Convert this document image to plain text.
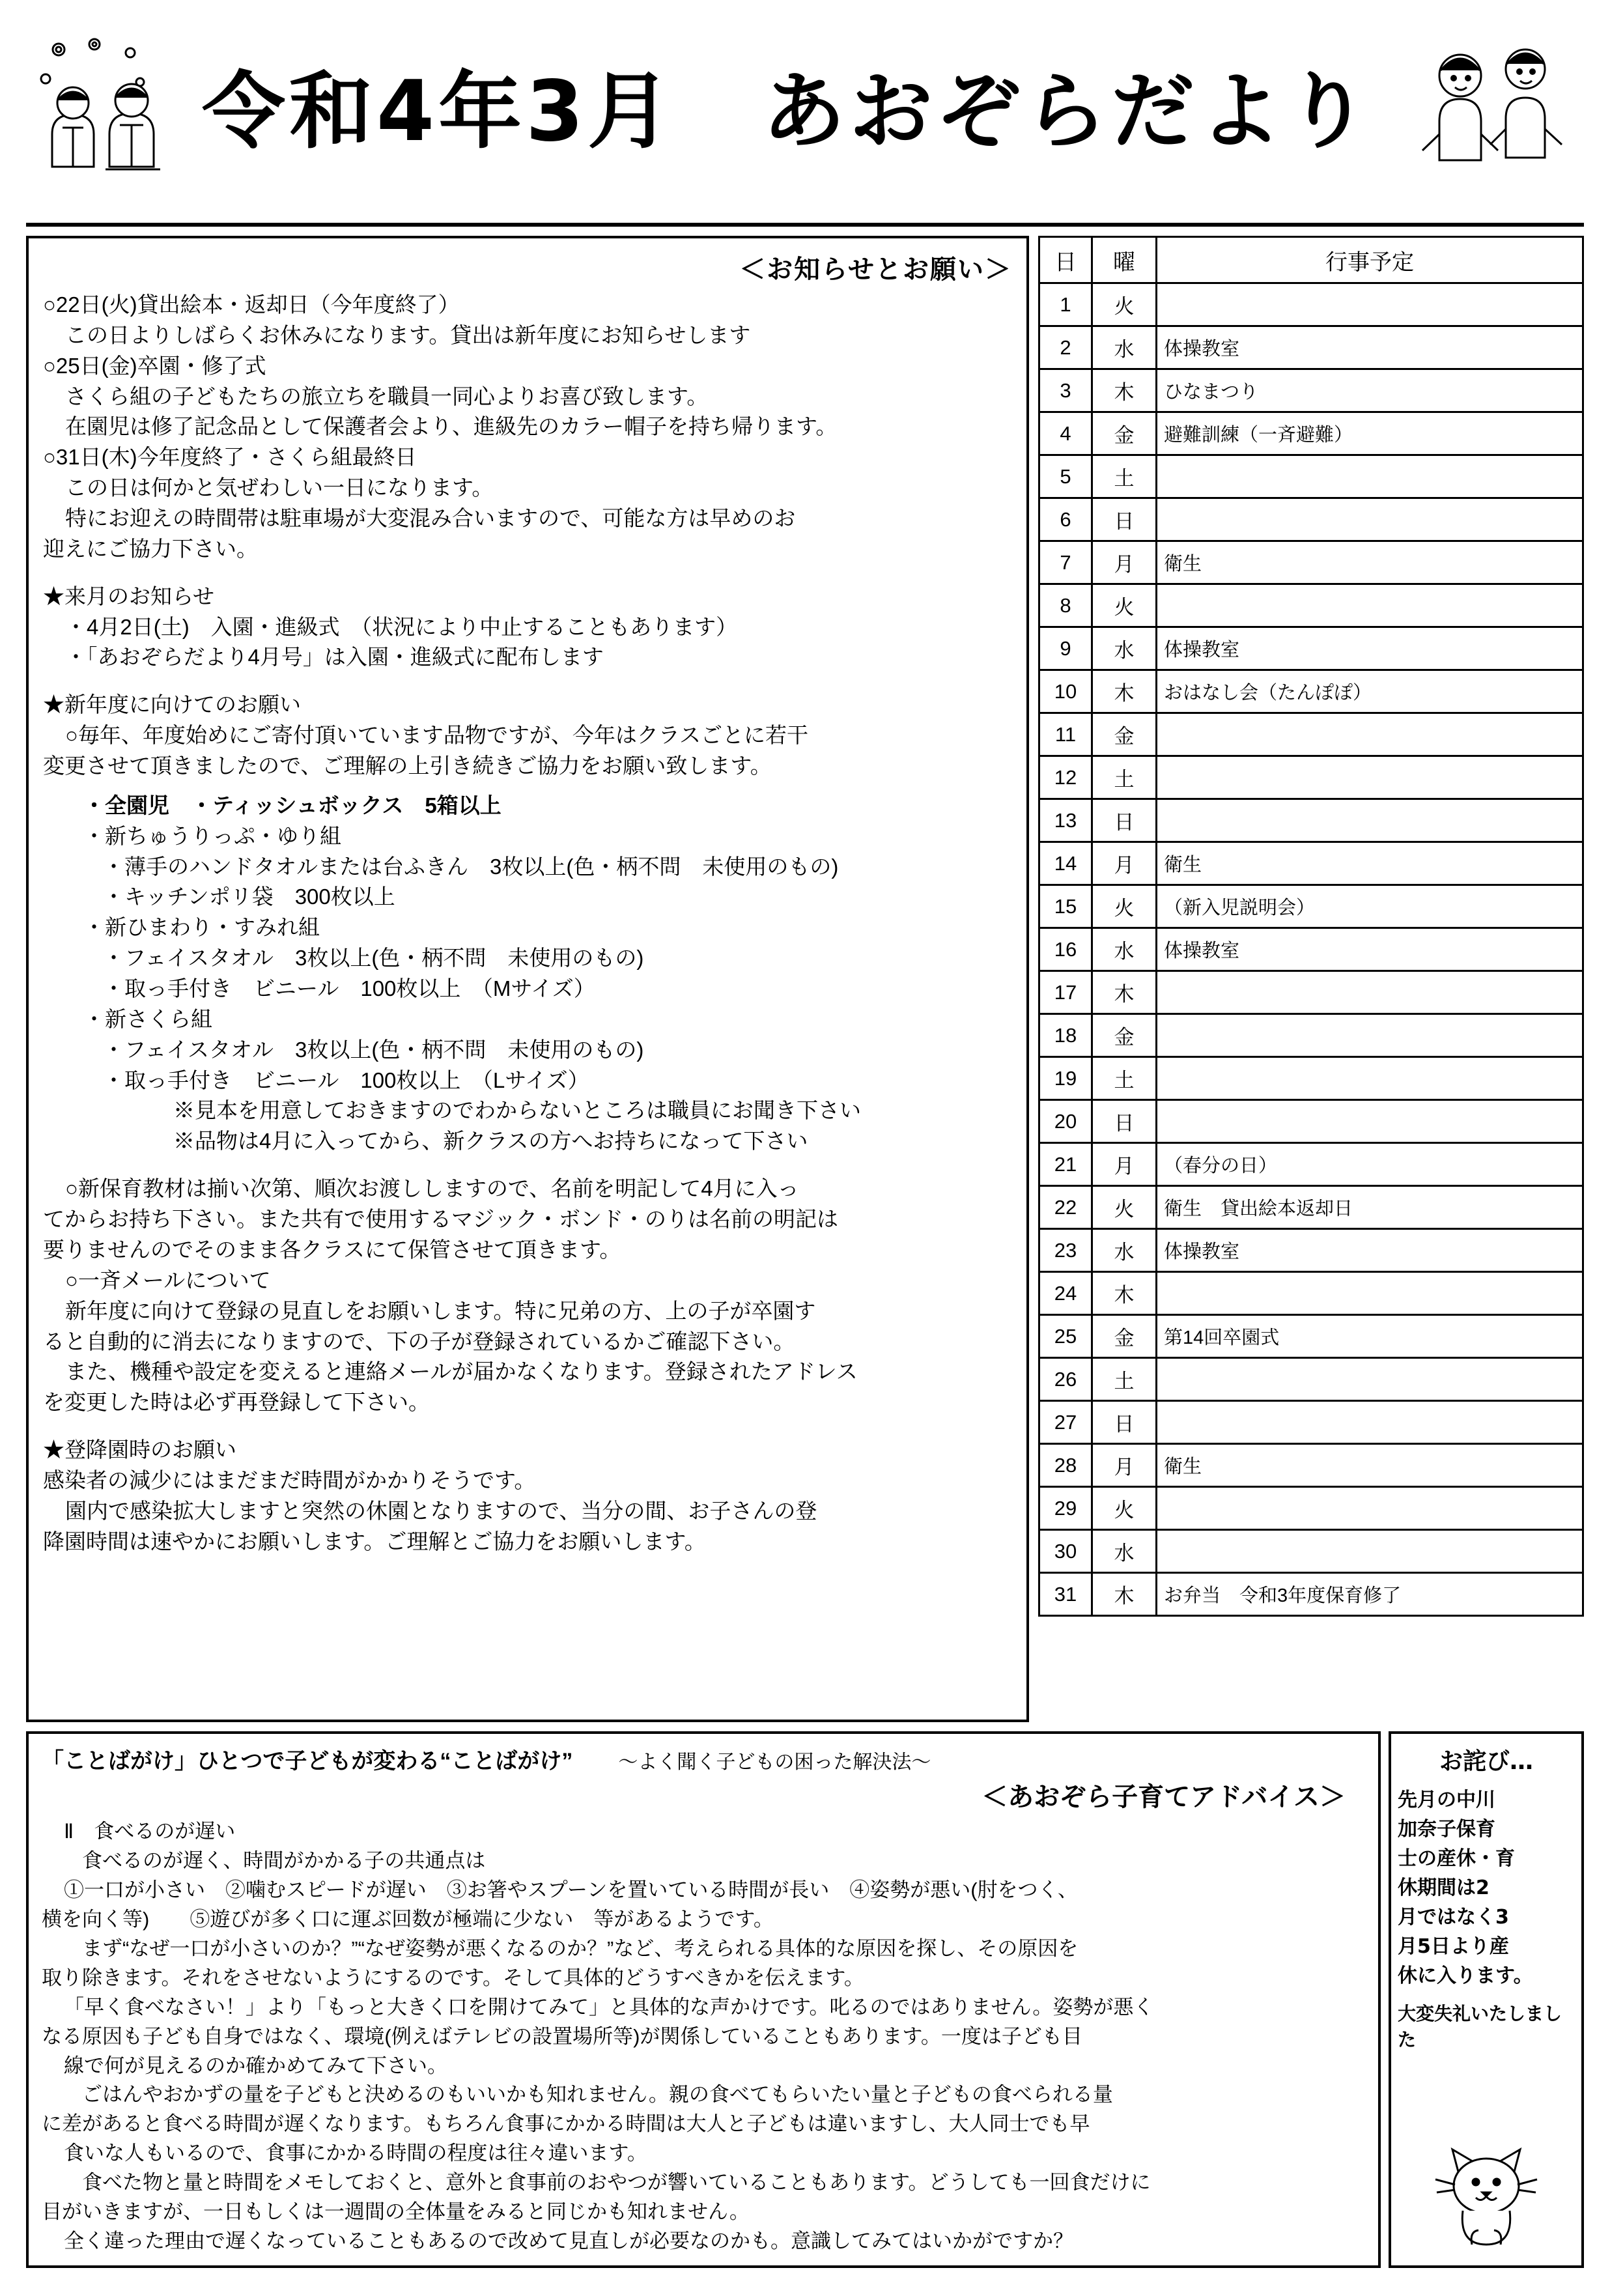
令和4年3月　あおぞらだより
＜お知らせとお願い＞

○22日(火)貸出絵本・返却日（今年度終了）

この日よりしばらくお休みになります。貸出は新年度にお知らせします

○25日(金)卒園・修了式

さくら組の子どもたちの旅立ちを職員一同心よりお喜び致します。

在園児は修了記念品として保護者会より、進級先のカラー帽子を持ち帰ります。

○31日(木)今年度終了・さくら組最終日

この日は何かと気ぜわしい一日になります。

特にお迎えの時間帯は駐車場が大変混み合いますので、可能な方は早めのお

迎えにご協力下さい。

★来月のお知らせ

・4月2日(土)　入園・進級式　（状況により中止することもあります）

・「あおぞらだより4月号」は入園・進級式に配布します

★新年度に向けてのお願い

○毎年、年度始めにご寄付頂いています品物ですが、今年はクラスごとに若干

変更させて頂きましたので、ご理解の上引き続きご協力をお願い致します。

・全園児　・ティッシュボックス　5箱以上

・新ちゅうりっぷ・ゆり組

・薄手のハンドタオルまたは台ふきん　3枚以上(色・柄不問　未使用のもの)

・キッチンポリ袋　300枚以上

・新ひまわり・すみれ組

・フェイスタオル　3枚以上(色・柄不問　未使用のもの)

・取っ手付き　ビニール　100枚以上　（Mサイズ）

・新さくら組

・フェイスタオル　3枚以上(色・柄不問　未使用のもの)

・取っ手付き　ビニール　100枚以上　（Lサイズ）

※見本を用意しておきますのでわからないところは職員にお聞き下さい

※品物は4月に入ってから、新クラスの方へお持ちになって下さい

○新保育教材は揃い次第、順次お渡ししますので、名前を明記して4月に入っ

てからお持ち下さい。また共有で使用するマジック・ボンド・のりは名前の明記は

要りませんのでそのまま各クラスにて保管させて頂きます。

○一斉メールについて

新年度に向けて登録の見直しをお願いします。特に兄弟の方、上の子が卒園す

ると自動的に消去になりますので、下の子が登録されているかご確認下さい。

また、機種や設定を変えると連絡メールが届かなくなります。登録されたアドレス

を変更した時は必ず再登録して下さい。

★登降園時のお願い

感染者の減少にはまだまだ時間がかかりそうです。

園内で感染拡大しますと突然の休園となりますので、当分の間、お子さんの登

降園時間は速やかにお願いします。ご理解とご協力をお願いします。

日	曜	行事予定
1	火	
2	水	体操教室
3	木	ひなまつり
4	金	避難訓練（一斉避難）
5	土	
6	日	
7	月	衛生
8	火	
9	水	体操教室
10	木	おはなし会（たんぽぽ）
11	金	
12	土	
13	日	
14	月	衛生
15	火	（新入児説明会）
16	水	体操教室
17	木	
18	金	
19	土	
20	日	
21	月	（春分の日）
22	火	衛生　貸出絵本返却日
23	水	体操教室
24	木	
25	金	第14回卒園式
26	土	
27	日	
28	月	衛生
29	火	
30	水	
31	木	お弁当　令和3年度保育修了
「ことばがけ」ひとつで子どもが変わる“ことばがけ” ～よく聞く子どもの困った解決法～
＜あおぞら子育てアドバイス＞

Ⅱ　食べるのが遅い

食べるのが遅く、時間がかかる子の共通点は

①一口が小さい　②噛むスピードが遅い　③お箸やスプーンを置いている時間が長い　④姿勢が悪い(肘をつく、

横を向く等)　　⑤遊びが多く口に運ぶ回数が極端に少ない　等があるようです。

まず“なぜ一口が小さいのか？”“なぜ姿勢が悪くなるのか？”など、考えられる具体的な原因を探し、その原因を

取り除きます。それをさせないようにするのです。そして具体的どうすべきかを伝えます。

「早く食べなさい！」より「もっと大きく口を開けてみて」と具体的な声かけです。叱るのではありません。姿勢が悪く

なる原因も子ども自身ではなく、環境(例えばテレビの設置場所等)が関係していることもあります。一度は子ども目

線で何が見えるのか確かめてみて下さい。

ごはんやおかずの量を子どもと決めるのもいいかも知れません。親の食べてもらいたい量と子どもの食べられる量

に差があると食べる時間が遅くなります。もちろん食事にかかる時間は大人と子どもは違いますし、大人同士でも早

食いな人もいるので、食事にかかる時間の程度は往々違います。

食べた物と量と時間をメモしておくと、意外と食事前のおやつが響いていることもあります。どうしても一回食だけに

目がいきますが、一日もしくは一週間の全体量をみると同じかも知れません。

全く違った理由で遅くなっていることもあるので改めて見直しが必要なのかも。意識してみてはいかがですか？

お詫び…

先月の中川

加奈子保育

士の産休・育

休期間は2

月ではなく3

月5日より産

休に入ります。

大変失礼いたしました
